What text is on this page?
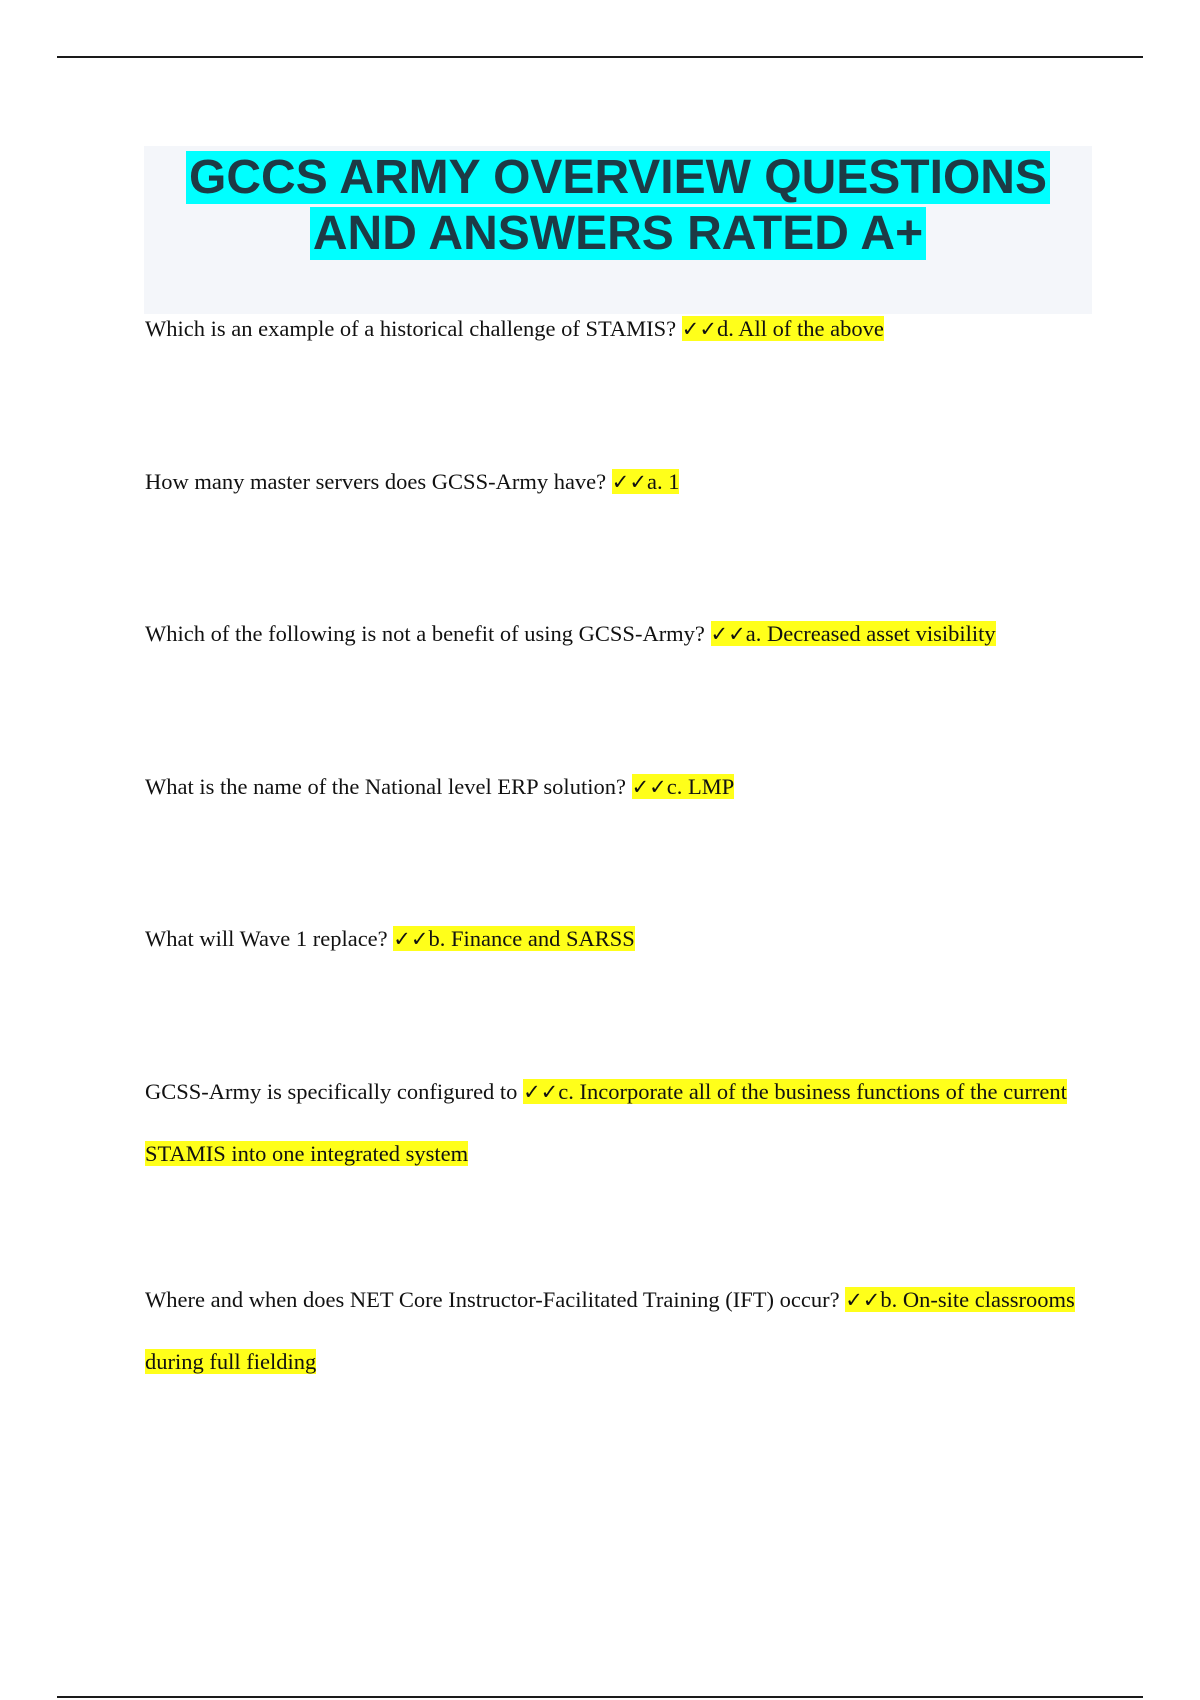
GCCS ARMY OVERVIEW QUESTIONS
AND ANSWERS RATED A+

Which is an example of a historical challenge of STAMIS? ✓✓d. All of the above

How many master servers does GCSS-Army have? ✓✓a. 1

Which of the following is not a benefit of using GCSS-Army? ✓✓a. Decreased asset visibility

What is the name of the National level ERP solution? ✓✓c. LMP

What will Wave 1 replace? ✓✓b. Finance and SARSS

GCSS-Army is specifically configured to ✓✓c. Incorporate all of the business functions of the current STAMIS into one integrated system

Where and when does NET Core Instructor-Facilitated Training (IFT) occur? ✓✓b. On-site classrooms during full fielding
